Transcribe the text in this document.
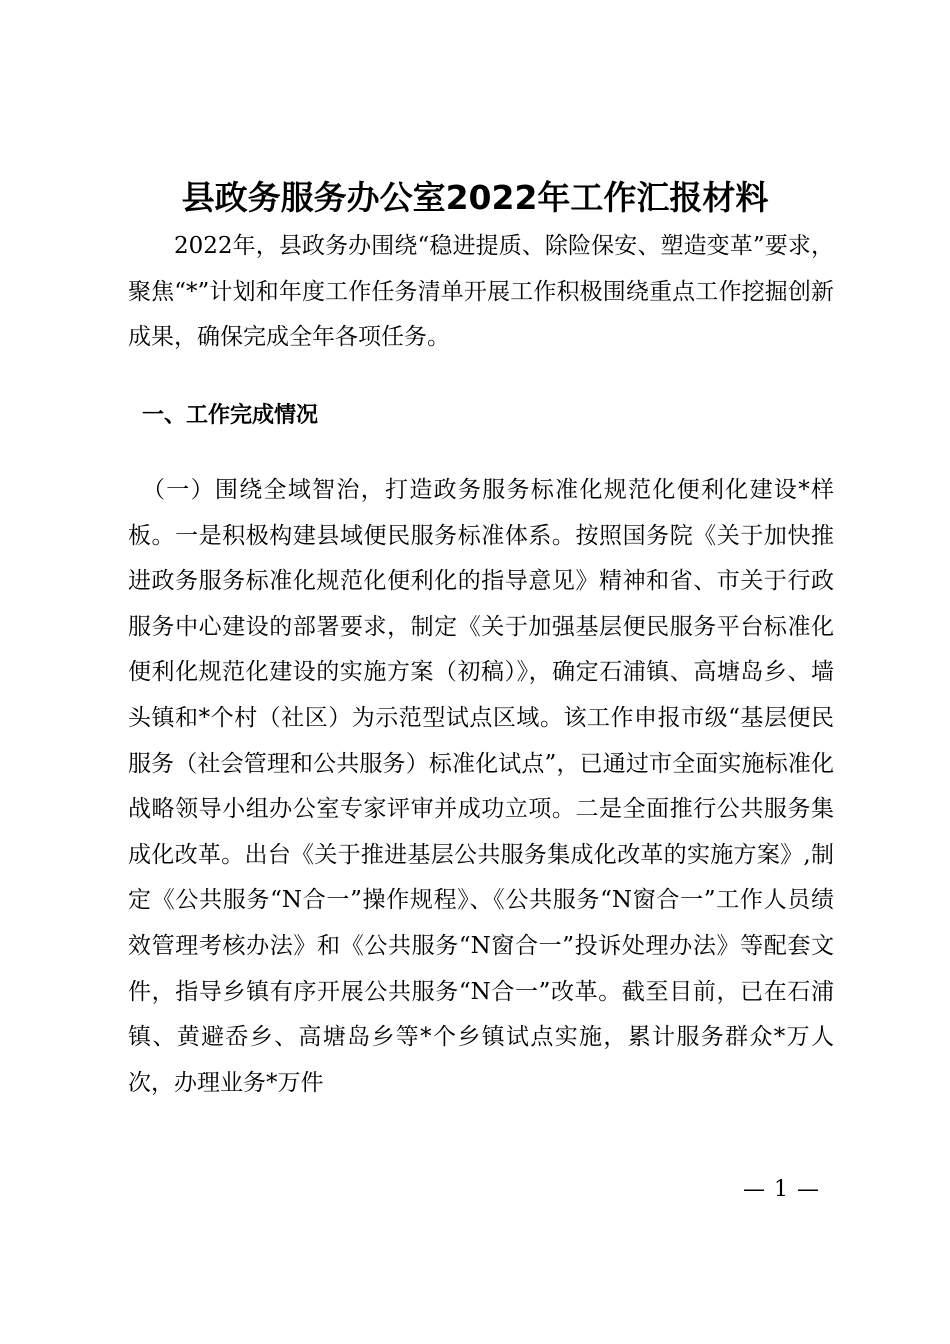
县政务服务办公室2022年工作汇报材料

2022年，县政务办围绕“稳进提质、除险保安、塑造变革”要求，聚焦“*”计划和年度工作任务清单开展工作积极围绕重点工作挖掘创新成果，确保完成全年各项任务。

一、工作完成情况

（一）围绕全域智治，打造政务服务标准化规范化便利化建设*样板。一是积极构建县域便民服务标准体系。按照国务院《关于加快推进政务服务标准化规范化便利化的指导意见》精神和省、市关于行政服务中心建设的部署要求，制定《关于加强基层便民服务平台标准化便利化规范化建设的实施方案（初稿）》，确定石浦镇、高塘岛乡、墙头镇和*个村（社区）为示范型试点区域。该工作申报市级“基层便民服务（社会管理和公共服务）标准化试点”，已通过市全面实施标准化战略领导小组办公室专家评审并成功立项。二是全面推行公共服务集成化改革。出台《关于推进基层公共服务集成化改革的实施方案》,制定《公共服务“N合一”操作规程》、《公共服务“N窗合一”工作人员绩效管理考核办法》和《公共服务“N窗合一”投诉处理办法》等配套文件，指导乡镇有序开展公共服务“N合一”改革。截至目前，已在石浦镇、黄避岙乡、高塘岛乡等*个乡镇试点实施，累计服务群众*万人次，办理业务*万件

— 1 —
